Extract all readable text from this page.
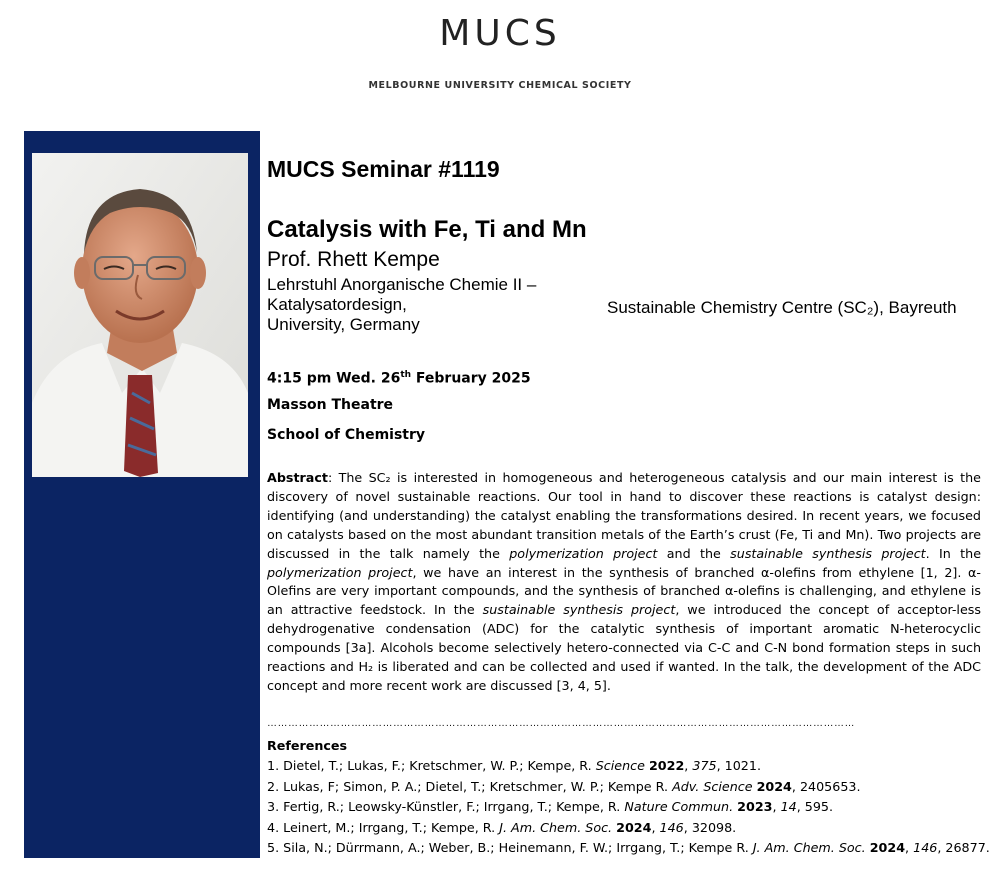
MUCS
MELBOURNE UNIVERSITY CHEMICAL SOCIETY
MUCS Seminar #1119
Catalysis with Fe, Ti and Mn
Prof. Rhett Kempe
Lehrstuhl Anorganische Chemie II –
Katalysatordesign,
University, Germany
Sustainable Chemistry Centre (SC₂), Bayreuth
4:15 pm Wed. 26th February 2025
Masson Theatre
School of Chemistry
Abstract: The SC₂ is interested in homogeneous and heterogeneous catalysis and our main interest is the discovery of novel sustainable reactions. Our tool in hand to discover these reactions is catalyst design: identifying (and understanding) the catalyst enabling the transformations desired. In recent years, we focused on catalysts based on the most abundant transition metals of the Earth’s crust (Fe, Ti and Mn). Two projects are discussed in the talk namely the polymerization project and the sustainable synthesis project. In the polymerization project, we have an interest in the synthesis of branched α-olefins from ethylene [1, 2]. α-Olefins are very important compounds, and the synthesis of branched α-olefins is challenging, and ethylene is an attractive feedstock. In the sustainable synthesis project, we introduced the concept of acceptor-less dehydrogenative condensation (ADC) for the catalytic synthesis of important aromatic N-heterocyclic compounds [3a]. Alcohols become selectively hetero-connected via C-C and C-N bond formation steps in such reactions and H₂ is liberated and can be collected and used if wanted. In the talk, the development of the ADC concept and more recent work are discussed [3, 4, 5].
……………………………………………………………………………………………………………………………………………………
References
1. Dietel, T.; Lukas, F.; Kretschmer, W. P.; Kempe, R. Science 2022, 375, 1021.
2. Lukas, F; Simon, P. A.; Dietel, T.; Kretschmer, W. P.; Kempe R. Adv. Science 2024, 2405653.
3. Fertig, R.; Leowsky-Künstler, F.; Irrgang, T.; Kempe, R. Nature Commun. 2023, 14, 595.
4. Leinert, M.; Irrgang, T.; Kempe, R. J. Am. Chem. Soc. 2024, 146, 32098.
5. Sila, N.; Dürrmann, A.; Weber, B.; Heinemann, F. W.; Irrgang, T.; Kempe R. J. Am. Chem. Soc. 2024, 146, 26877.
